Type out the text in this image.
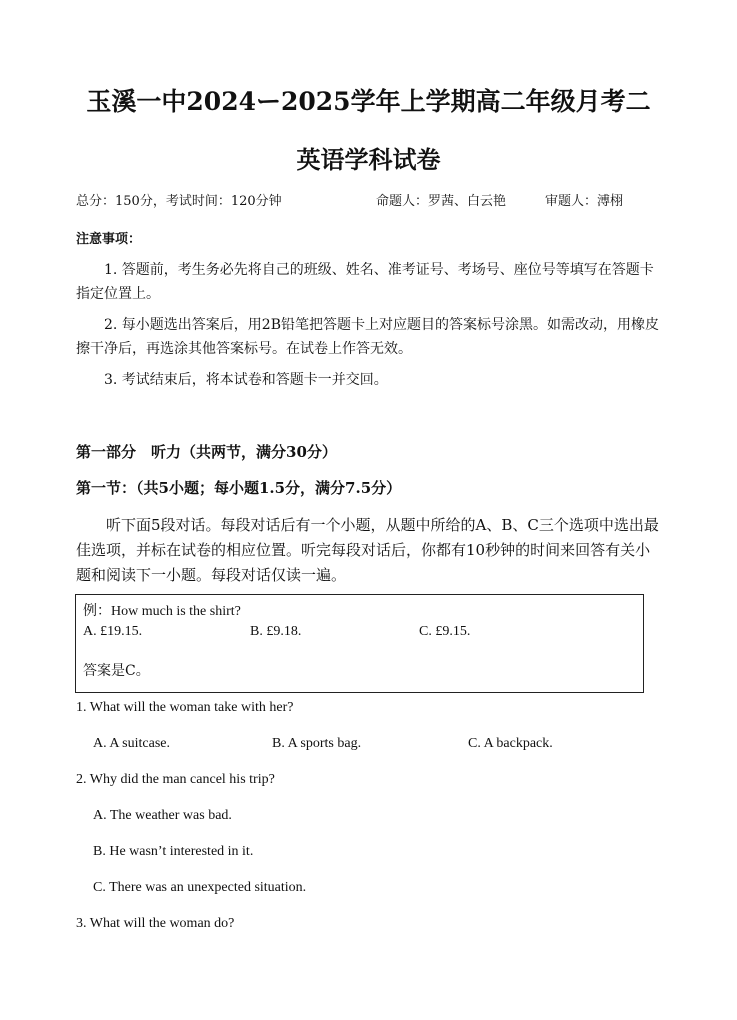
玉溪一中2024ー2025学年上学期高二年级月考二
英语学科试卷
总分：150分，考试时间：120分钟	命题人：罗茜、白云艳	审题人：溥栩
注意事项：
1. 答题前，考生务必先将自己的班级、姓名、准考证号、考场号、座位号等填写在答题卡指定位置上。
2. 每小题选出答案后，用2B铅笔把答题卡上对应题目的答案标号涂黑。如需改动，用橡皮擦干净后，再选涂其他答案标号。在试卷上作答无效。
3. 考试结束后，将本试卷和答题卡一并交回。
第一部分　听力（共两节，满分30分）
第一节：（共5小题；每小题1.5分，满分7.5分）
听下面5段对话。每段对话后有一个小题，从题中所给的A、B、C三个选项中选出最佳选项，并标在试卷的相应位置。听完每段对话后，你都有10秒钟的时间来回答有关小题和阅读下一小题。每段对话仅读一遍。
例：How much is the shirt?
A. £19.15.	B. £9.18.	C. £9.15.
答案是C。
1. What will the woman take with her?
A. A suitcase.	B. A sports bag.	C. A backpack.
2. Why did the man cancel his trip?
A. The weather was bad.
B. He wasn’t interested in it.
C. There was an unexpected situation.
3. What will the woman do?
